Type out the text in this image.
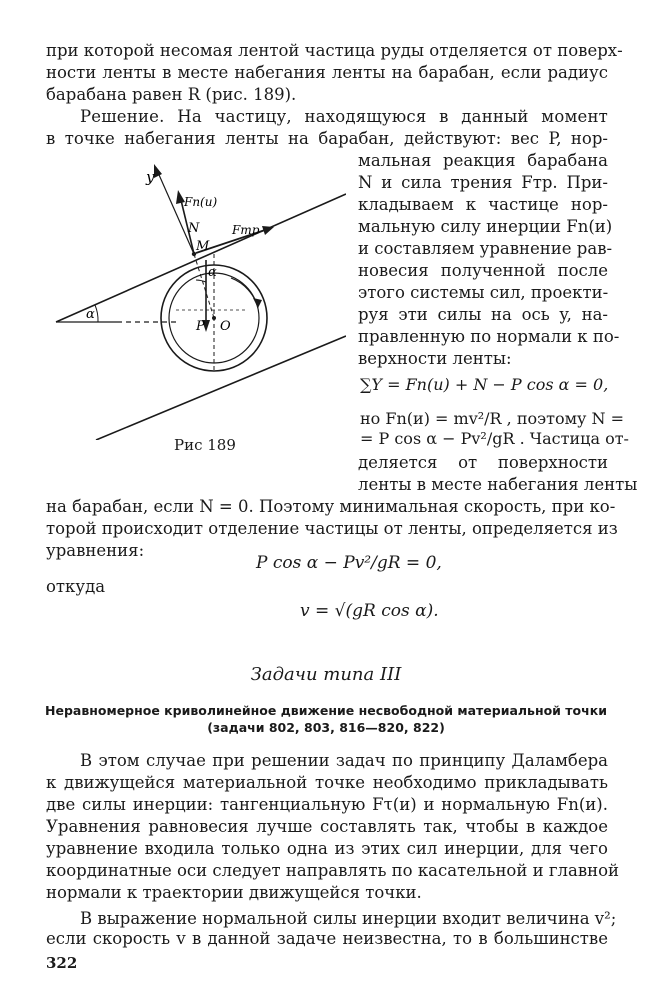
при которой несомая лентой частица руды отделяется от поверх-
ности ленты в месте набегания ленты на барабан, если радиус
барабана равен R (рис. 189).
Решение. На частицу, находящуюся в данный момент
в точке набегания ленты на барабан, действуют: вес P, нор-
мальная реакция барабана
N и сила трения Fтр. При-
кладываем к частице нор-
мальную силу инерции Fn(и)
и составляем уравнение рав-
новесия полученной после
этого системы сил, проекти-
руя эти силы на ось y, на-
правленную по нормали к по-
верхности ленты:
∑Y = Fn(и) + N − P cos α = 0,
но Fn(и) = mv²/R , поэтому N =
= P cos α − Pv²/gR . Частица от-
деляется от поверхности
ленты в месте набегания ленты
на барабан, если N = 0. Поэтому минимальная скорость, при ко-
торой происходит отделение частицы от ленты, определяется из
уравнения:
P cos α − Pv²/gR = 0,
откуда
v = √(gR cos α).
y
Fn(и)
N	Fтр
M
α
α
P O
Рис 189
Задачи типа III
Неравномерное криволинейное движение несвободной материальной точки
(задачи 802, 803, 816—820, 822)
В этом случае при решении задач по принципу Даламбера
к движущейся материальной точке необходимо прикладывать
две силы инерции: тангенциальную Fτ(и) и нормальную Fn(и).
Уравнения равновесия лучше составлять так, чтобы в каждое
уравнение входила только одна из этих сил инерции, для чего
координатные оси следует направлять по касательной и главной
нормали к траектории движущейся точки.
В выражение нормальной силы инерции входит величина v²;
если скорость v в данной задаче неизвестна, то в большинстве
322
